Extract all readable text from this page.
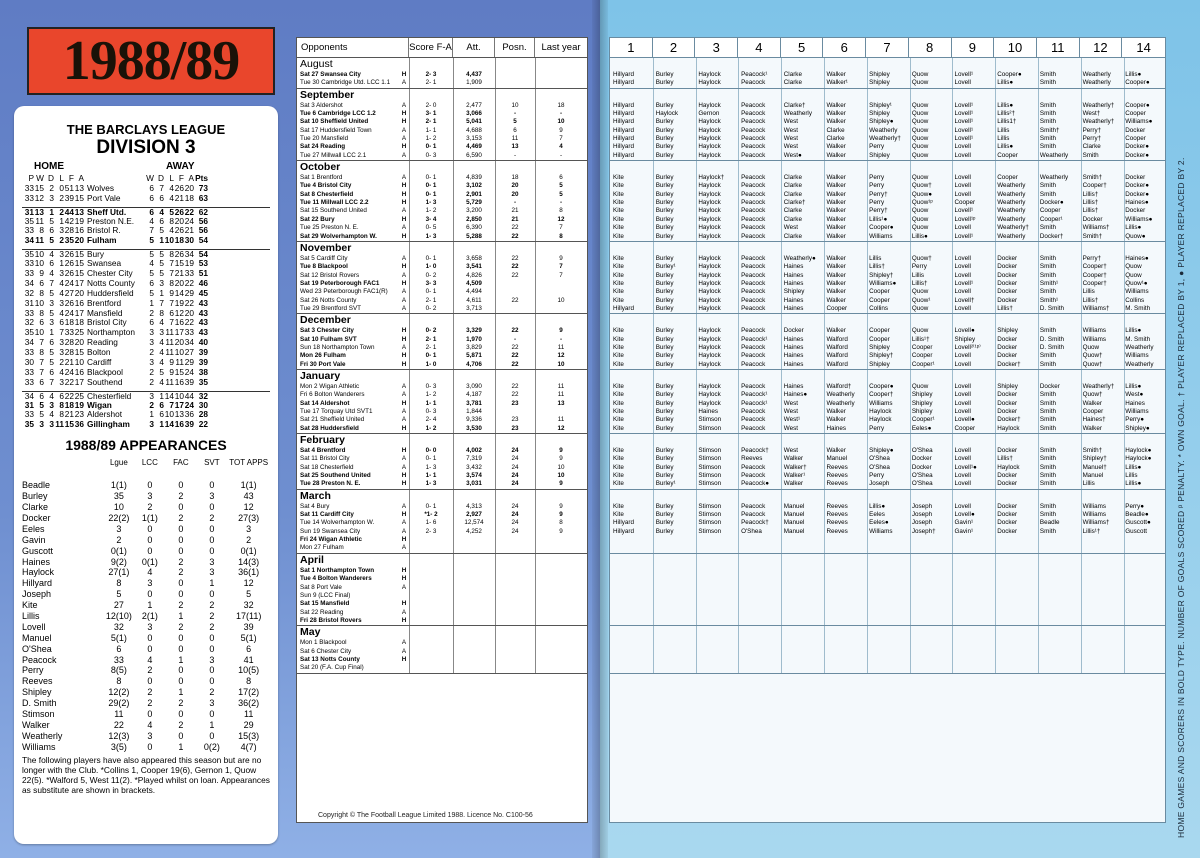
1988/89
THE BARCLAYS LEAGUE
DIVISION 3
HOME	AWAY
P W D L F A	W D L F A Pts
33 15 2 0 51 13 Wolves	6 7 4 26 20 73
33 12 3 2 39 15 Port Vale	6 6 4 21 18 63
31 13 1 2 44 13 Sheff Utd.	6 4 5 26 22 62
35 11 5 1 42 19 Preston N.E.	4 6 8 20 24 56
33 8 6 3 28 16 Bristol R.	7 5 4 26 21 56
34 11 5 2 35 20 Fulham	5 1 10 18 30 54
35 10 4 3 26 15 Bury	5 5 8 26 34 54
33 10 6 1 26 15 Swansea	4 5 7 15 19 53
33 9 4 3 26 15 Chester City	5 5 7 21 33 51
34 6 7 4 24 17 Notts County	6 3 8 20 22 46
32 8 5 4 27 20 Huddersfield	5 1 9 14 29 45
31 10 3 3 26 16 Brentford	1 7 7 19 22 43
33 8 5 4 24 17 Mansfield	2 8 6 12 20 43
32 6 3 6 18 18 Bristol City	6 4 7 16 22 43
35 10 1 7 33 25 Northampton	3 3 11 17 33 43
34 7 6 3 28 20 Reading	3 4 11 20 34 40
33 8 5 3 28 15 Bolton	2 4 11 10 27 39
30 7 5 2 21 10 Cardiff	3 4 9 11 29 39
33 7 6 4 24 16 Blackpool	2 5 9 15 24 38
33 6 7 3 22 17 Southend	2 4 11 16 39 35
34 6 4 6 22 25 Chesterfield	3 1 14 10 44 32
31 5 3 8 18 19 Wigan	2 6 7 17 24 30
33 5 4 8 21 23 Aldershot	1 6 10 13 36 28
35 3 3 11 15 36 Gillingham	3 1 14 16 39 22
1988/89 APPEARANCES
Lgue	LCC	FAC	SVT	TOT APPS
Beadle	1(1)	0	0	0	1(1)
Burley	35	3	2	3	43
Clarke	10	2	0	0	12
Docker	22(2)	1(1)	2	2	27(3)
Eeles	3	0	0	0	3
Gavin	2	0	0	0	2
Guscott	0(1)	0	0	0	0(1)
Haines	9(2)	0(1)	2	3	14(3)
Haylock	27(1)	4	2	3	36(1)
Hillyard	8	3	0	1	12
Joseph	5	0	0	0	5
Kite	27	1	2	2	32
Lillis	12(10)	2(1)	1	2	17(11)
Lovell	32	3	2	2	39
Manuel	5(1)	0	0	0	5(1)
O'Shea	6	0	0	0	6
Peacock	33	4	1	3	41
Perry	8(5)	2	0	0	10(5)
Reeves	8	0	0	0	8
Shipley	12(2)	2	1	2	17(2)
D. Smith	29(2)	2	2	3	36(2)
Stimson	11	0	0	0	11
Walker	22	4	2	1	29
Weatherly	12(3)	3	0	0	15(3)
Williams	3(5)	0	1	0(2)	4(7)
The following players have also appeared this season but are no longer with the Club. *Collins 1, Cooper 19(6), Gernon 1, Quow 22(5). *Walford 5, West 11(2). *Played whilst on loan. Appearances as substitute are shown in brackets.
Opponents	Score F-A	Att.	Posn.	Last year
August
Sat 27 Swansea City	H	2- 3	4,437
Tue 30 Cambridge Utd. LCC 1.1	A	2- 1	1,909
September
Sat 3 Aldershot	A	2- 0	2,477	10	18
Tue 6 Cambridge LCC 1.2	H	3- 1	3,066	-	-
Sat 10 Sheffield United	H	2- 1	5,041	5	10
Sat 17 Huddersfield Town	A	1- 1	4,688	6	9
Tue 20 Mansfield	A	1- 2	3,153	11	7
Sat 24 Reading	H	0- 1	4,469	13	4
Tue 27 Millwall LCC 2.1	A	0- 3	6,590	-	-
October
Sat 1 Brentford	A	0- 1	4,839	18	6
Tue 4 Bristol City	H	0- 1	3,102	20	5
Sat 8 Chesterfield	H	0- 1	2,901	20	5
Tue 11 Millwall LCC 2.2	H	1- 3	5,729	-	-
Sat 15 Southend United	A	1- 2	3,200	21	8
Sat 22 Bury	H	3- 4	2,850	21	12
Tue 25 Preston N. E.	A	0- 5	6,390	22	7
Sat 29 Wolverhampton W.	H	1- 3	5,288	22	8
November
Sat 5 Cardiff City	A	0- 1	3,658	22	9
Tue 8 Blackpool	H	1- 0	3,541	22	7
Sat 12 Bristol Rovers	A	0- 2	4,826	22	7
Sat 19 Peterborough FAC1	H	3- 3	4,509
Wed 23 Peterborough FAC1(R)	A	0- 1	4,494
Sat 26 Notts County	A	2- 1	4,611	22	10
Tue 29 Brentford SVT	A	0- 2	3,713
December
Sat 3 Chester City	H	0- 2	3,329	22	9
Sat 10 Fulham SVT	H	2- 1	1,970	-	-
Sun 18 Northampton Town	A	2- 1	3,829	22	11
Mon 26 Fulham	H	0- 1	5,871	22	12
Fri 30 Port Vale	H	1- 0	4,706	22	10
January
Mon 2 Wigan Athletic	A	0- 3	3,090	22	11
Fri 6 Bolton Wanderers	A	1- 2	4,187	22	11
Sat 14 Aldershot	H	1- 1	3,781	23	13
Tue 17 Torquay Utd SVT1	A	0- 3	1,844
Sat 21 Sheffield United	A	2- 4	9,336	23	11
Sat 28 Huddersfield	H	1- 2	3,530	23	12
February
Sat 4 Brentford	H	0- 0	4,002	24	9
Sat 11 Bristol City	A	0- 1	7,319	24	9
Sat 18 Chesterfield	A	1- 3	3,432	24	10
Sat 25 Southend United	H	1- 1	3,574	24	10
Tue 28 Preston N. E.	H	1- 3	3,031	24	9
March
Sat 4 Bury	A	0- 1	4,313	24	9
Sat 11 Cardiff City	H	*1- 2	2,927	24	9
Tue 14 Wolverhampton W.	A	1- 6	12,574	24	8
Sun 19 Swansea City	A	2- 3	4,252	24	9
Fri 24 Wigan Athletic	H
Mon 27 Fulham	A
April
Sat 1 Northampton Town	H
Tue 4 Bolton Wanderers	H
Sat 8 Port Vale	A
Sun 9 (LCC Final)
Sat 15 Mansfield	H
Sat 22 Reading	A
Fri 28 Bristol Rovers	H
May
Mon 1 Blackpool	A
Sat 6 Chester City	A
Sat 13 Notts County	H
Sat 20 (F.A. Cup Final)
Copyright © The Football League Limited 1988. Licence No. C100-56
1	2	3	4	5	6	7	8	9	10	11	12	14
Hillyard	Burley	Haylock	Peacock¹	Clarke	Walker	Shipley	Quow	Lovell¹	Cooper●	Smith	Weatherly	Lillis●
Hillyard	Burley	Haylock	Peacock	Clarke	Walker¹	Shipley	Quow	Lovell	Lillis●	Smith	Weatherly	Cooper●
Hillyard	Burley	Haylock	Peacock	Clarke†	Walker	Shipley¹	Quow	Lovell¹	Lillis●	Smith	Weatherly†	Cooper●
Hillyard	Haylock	Gernon	Peacock	Weatherly	Walker	Shipley	Quow	Lovell¹	Lillis²†	Smith	West†	Cooper
Hillyard	Burley	Haylock	Peacock	West	Walker	Shipley●	Quow	Lovell¹	Lillis1†	Smith	Weatherly†	Williams●
Hillyard	Burley	Haylock	Peacock	West	Clarke	Weatherly	Quow	Lovell¹	Lillis	Smith†	Perry†	Docker
Hillyard	Burley	Haylock	Peacock	West	Clarke	Weatherly†	Quow	Lovell¹	Lillis	Smith	Perry†	Cooper
Hillyard	Burley	Haylock	Peacock	West	Walker	Perry	Quow	Lovell	Lillis●	Smith	Clarke	Docker●
Hillyard	Burley	Haylock	Peacock	West●	Walker	Shipley	Quow	Lovell	Cooper	Weatherly	Smith	Docker●
Kite	Burley	Haylock†	Peacock	Clarke	Walker	Perry	Quow	Lovell	Cooper	Weatherly	Smith†	Docker
Kite	Burley	Haylock	Peacock	Clarke	Walker	Perry	Quow†	Lovell	Weatherly	Smith	Cooper†	Docker●
Kite	Burley	Haylock	Peacock	Clarke	Walker	Perry†	Quow●	Lovell	Weatherly	Smith	Lillis†	Docker●
Kite	Burley	Haylock	Peacock	Clarke†	Walker	Perry	Quow¹ᵖ	Cooper	Weatherly	Docker●	Lillis†	Haines●
Kite	Burley	Haylock	Peacock	Clarke	Walker	Perry†	Quow	Lovell¹	Weatherly	Cooper	Lillis†	Docker
Kite	Burley	Haylock	Peacock	Clarke	Walker	Lillis¹●	Quow	Lovell¹ᵖ	Weatherly	Cooper¹	Docker	Williams●
Kite	Burley	Haylock	Peacock	West	Walker	Cooper●	Quow	Lovell	Weatherly†	Smith	Williams†	Lillis●
Kite	Burley	Haylock	Peacock	Clarke	Walker	Williams	Lillis●	Lovell¹	Weatherly	Docker†	Smith†	Quow●
Kite	Burley	Haylock	Peacock	Weatherly●	Walker	Lillis	Quow†	Lovell	Docker	Smith	Perry†	Haines●
Kite	Burley¹	Haylock	Peacock	Haines	Walker	Lillis†	Perry	Lovell	Docker	Smith	Cooper†	Quow
Kite	Burley	Haylock	Peacock	Haines	Walker	Shipley†	Lillis	Lovell	Docker	Smith	Cooper†	Quow
Kite	Burley	Haylock	Peacock	Haines	Walker	Williams●	Lillis†	Lovell¹	Docker	Smith¹	Cooper†	Quow¹●
Kite	Burley	Haylock	Peacock	Shipley	Walker	Cooper	Quow	Lovell	Docker	Smith	Lillis	Williams
Kite	Burley	Haylock	Peacock	Haines	Walker	Cooper	Quow¹	Lovell†	Docker	Smith¹	Lillis†	Collins
Hillyard	Burley	Haylock	Peacock	Haines	Cooper	Collins	Quow	Lovell	Lillis†	D. Smith	Williams†	M. Smith
Kite	Burley	Haylock	Peacock	Docker	Walker	Cooper	Quow	Lovell●	Shipley	Smith	Williams	Lillis●
Kite	Burley	Haylock	Peacock¹	Haines	Walford	Cooper	Lillis¹†	Shipley	Docker	D. Smith	Williams	M. Smith
Kite	Burley	Haylock	Peacock	Haines	Walford	Shipley	Cooper	Lovell²⁽¹ᵖ⁾	Docker	D. Smith	Quow	Weatherly
Kite	Burley	Haylock	Peacock	Haines	Walford	Shipley†	Cooper	Lovell	Docker	Smith	Quow†	Williams
Kite	Burley	Haylock	Peacock	Haines	Walford	Shipley	Cooper¹	Lovell	Docker†	Smith	Quow†	Weatherly
Kite	Burley	Haylock	Peacock	Haines	Walford†	Cooper●	Quow	Lovell	Shipley	Docker	Weatherly†	Lillis●
Kite	Burley	Haylock	Peacock¹	Haines●	Weatherly	Cooper†	Shipley	Lovell	Docker	Smith	Quow†	West●
Kite	Burley	Haylock	Peacock¹	West	Weatherly	Williams	Shipley	Lovell	Docker	Smith	Walker	Haines
Kite	Burley	Haines	Peacock	West	Walker	Haylock	Shipley	Lovell	Docker	Smith	Cooper	Williams
Kite	Burley	Stimson	Peacock	West¹	Walker	Haylock	Cooper¹	Lovell●	Docker†	Smith	Haines†	Perry●
Kite	Burley	Stimson	Peacock	West	Haines	Perry	Eeles●	Cooper	Haylock	Smith	Walker	Shipley●
Kite	Burley	Stimson	Peacock†	West	Walker	Shipley●	O'Shea	Lovell	Docker	Smith	Smith†	Haylock●
Kite	Burley	Stimson	Reeves	Walker	Manuel	O'Shea	Docker	Lovell	Lillis†	Smith	Shipley†	Haylock●
Kite	Burley	Stimson	Peacock	Walker†	Reeves	O'Shea	Docker	Lovell¹●	Haylock	Smith	Manuel†	Lillis●
Kite	Burley	Stimson	Peacock	Walker¹	Reeves	Perry	O'Shea	Lovell	Docker	Smith	Manuel	Lillis
Kite	Burley¹	Stimson	Peacock●	Walker	Reeves	Joseph	O'Shea	Lovell	Docker	Smith	Lillis	Lillis●
Kite	Burley	Stimson	Peacock	Manuel	Reeves	Lillis●	Joseph	Lovell	Docker	Smith	Williams	Perry●
Kite	Burley	Stimson	Peacock	Manuel	Reeves	Eeles	Joseph	Lovell●	Docker	Smith	Williams	Beadle●
Hillyard	Burley	Stimson	Peacock†	Manuel	Reeves	Eeles●	Joseph	Gavin¹	Docker	Beadle	Williams†	Guscott●
Hillyard	Burley	Stimson	O'Shea	Manuel	Reeves	Williams	Joseph†	Gavin¹	Docker	Smith	Lillis¹†	Guscott	HOME GAMES AND SCORERS IN BOLD TYPE. NUMBER OF GOALS SCORED ᵖ PENALTY. * OWN GOAL. † PLAYER REPLACED BY 1, ● PLAYER REPLACED BY 2.
